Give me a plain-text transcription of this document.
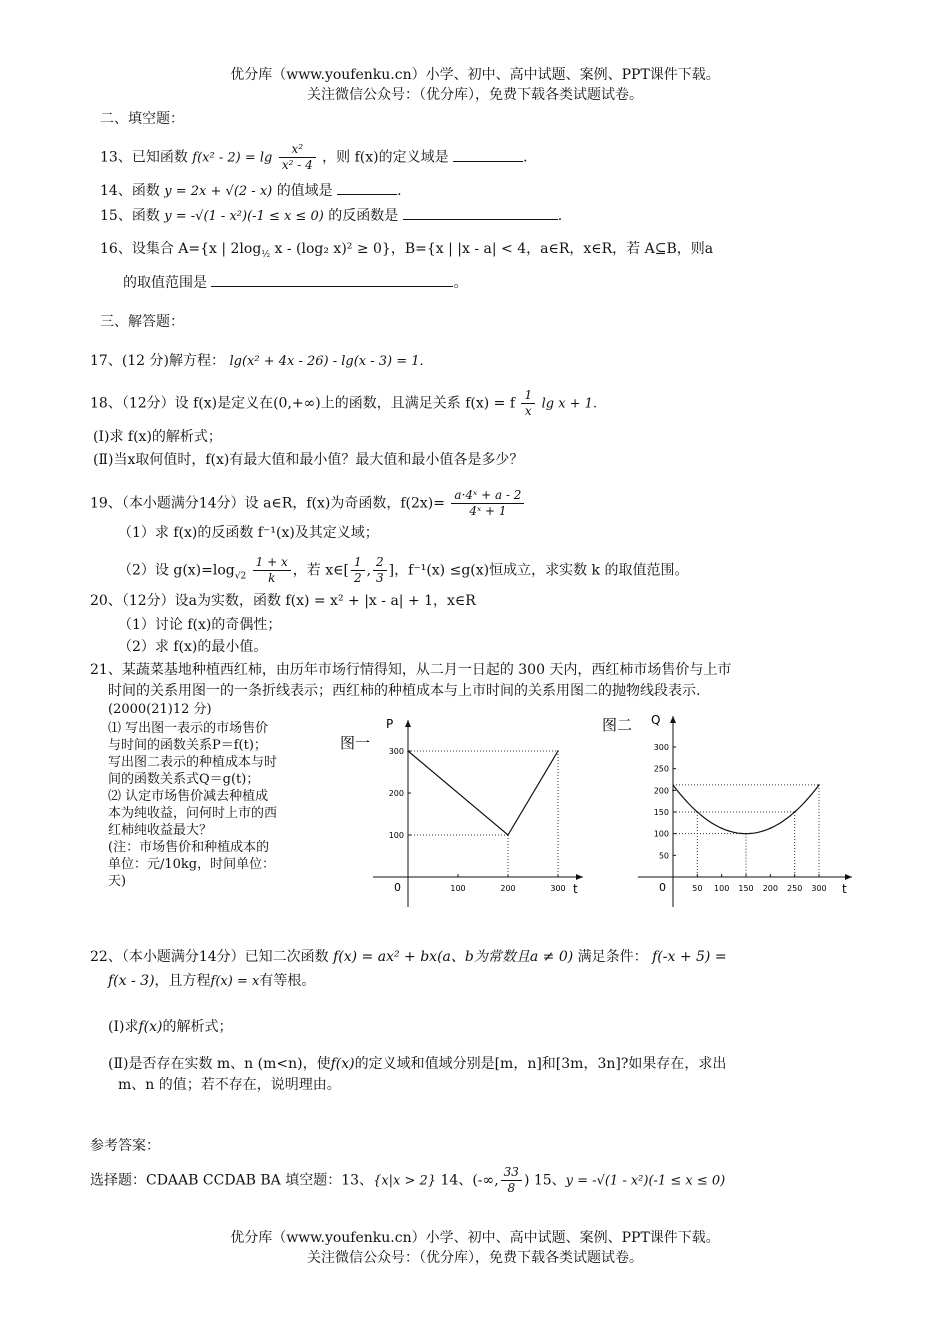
优分库（www.youfenku.cn）小学、初中、高中试题、案例、PPT课件下载。
关注微信公众号：（优分库），免费下载各类试题试卷。
二、填空题：
13、已知函数 $f(x^2 - 2) = \lg \frac{\text{x²}}{\text{x² - 4}}$ ，则 f(x)的定义域是	.
14、函数 y = 2x + √(2 - x) 的值域是	.
15、函数 y = -√(1 - x²)(-1 ≤ x ≤ 0) 的反函数是	.
16、设集合 A={x | $2\log_{\frac{1}{2}}$ x - (log₂ x)² ≥ 0}，B={x | |x - a| < 4，a∈R，x∈R，若 A⊆B，则a
的取值范围是	。
三、解答题：
17、(12 分)解方程： lg(x² + 4x - 26) - lg(x - 3) = 1.
18、（12分）设 f(x)是定义在(0,+∞)上的函数，且满足关系 f(x) = f $\frac{1}{x}$ lg x + 1.
(Ⅰ)求 f(x)的解析式；
(Ⅱ)当x取何值时，f(x)有最大值和最小值？最大值和最小值各是多少？
19、（本小题满分14分）设 a∈R，f(x)为奇函数，$f(2x)= \frac{\text{a·4ˣ + a - 2}}{\text{4ˣ + 1}}$
（1）求 f(x)的反函数 f⁻¹(x)及其定义域；
（2）设 $g(x)=\log_{√2} \frac{1 + x}{k}$ ，若 x∈[ $\frac{1}{2}$ , $\frac{2}{3}$ ]，f⁻¹(x) ≤g(x)恒成立，求实数 k 的取值范围。
20、（12分）设a为实数，函数 f(x) = x² + |x - a| + 1，x∈R
（1）讨论 f(x)的奇偶性；
（2）求 f(x)的最小值。
21、某蔬菜基地种植西红柿，由历年市场行情得知，从二月一日起的 300 天内，西红柿市场售价与上市
时间的关系用图一的一条折线表示；西红柿的种植成本与上市时间的关系用图二的抛物线段表示.
(2000(21)12 分)
⑴ 写出图一表示的市场售价
与时间的函数关系P＝f(t)；
写出图二表示的种植成本与时
间的函数关系式Q＝g(t)；
⑵ 认定市场售价减去种植成
本为纯收益，问何时上市的西
红柿纯收益最大？
(注：市场售价和种植成本的
单位：元/10kg，时间单位：
天)	t
P
0
图一
100	200	300
100
200
300
t
Q
0
图二
50 100 150 200 250 300
50
100
150
200
250
300
22、（本小题满分14分）已知二次函数 f(x) = ax² + bx(a、b为常数且a ≠ 0) 满足条件： f(-x + 5) =
f(x - 3)，且方程f(x) = x有等根。
(Ⅰ)求f(x)的解析式；
(Ⅱ)是否存在实数 m、n (m<n)，使f(x)的定义域和值域分别是[m，n]和[3m，3n]?如果存在，求出
m、n 的值；若不存在，说明理由。
参考答案：
选择题：CDAAB CCDAB BA 填空题：13、{x|x > 2} 14、(-∞, $\frac{33}{8}$ ) 15、y = -√(1 - x²)(-1 ≤ x ≤ 0)
优分库（www.youfenku.cn）小学、初中、高中试题、案例、PPT课件下载。
关注微信公众号：（优分库），免费下载各类试题试卷。
